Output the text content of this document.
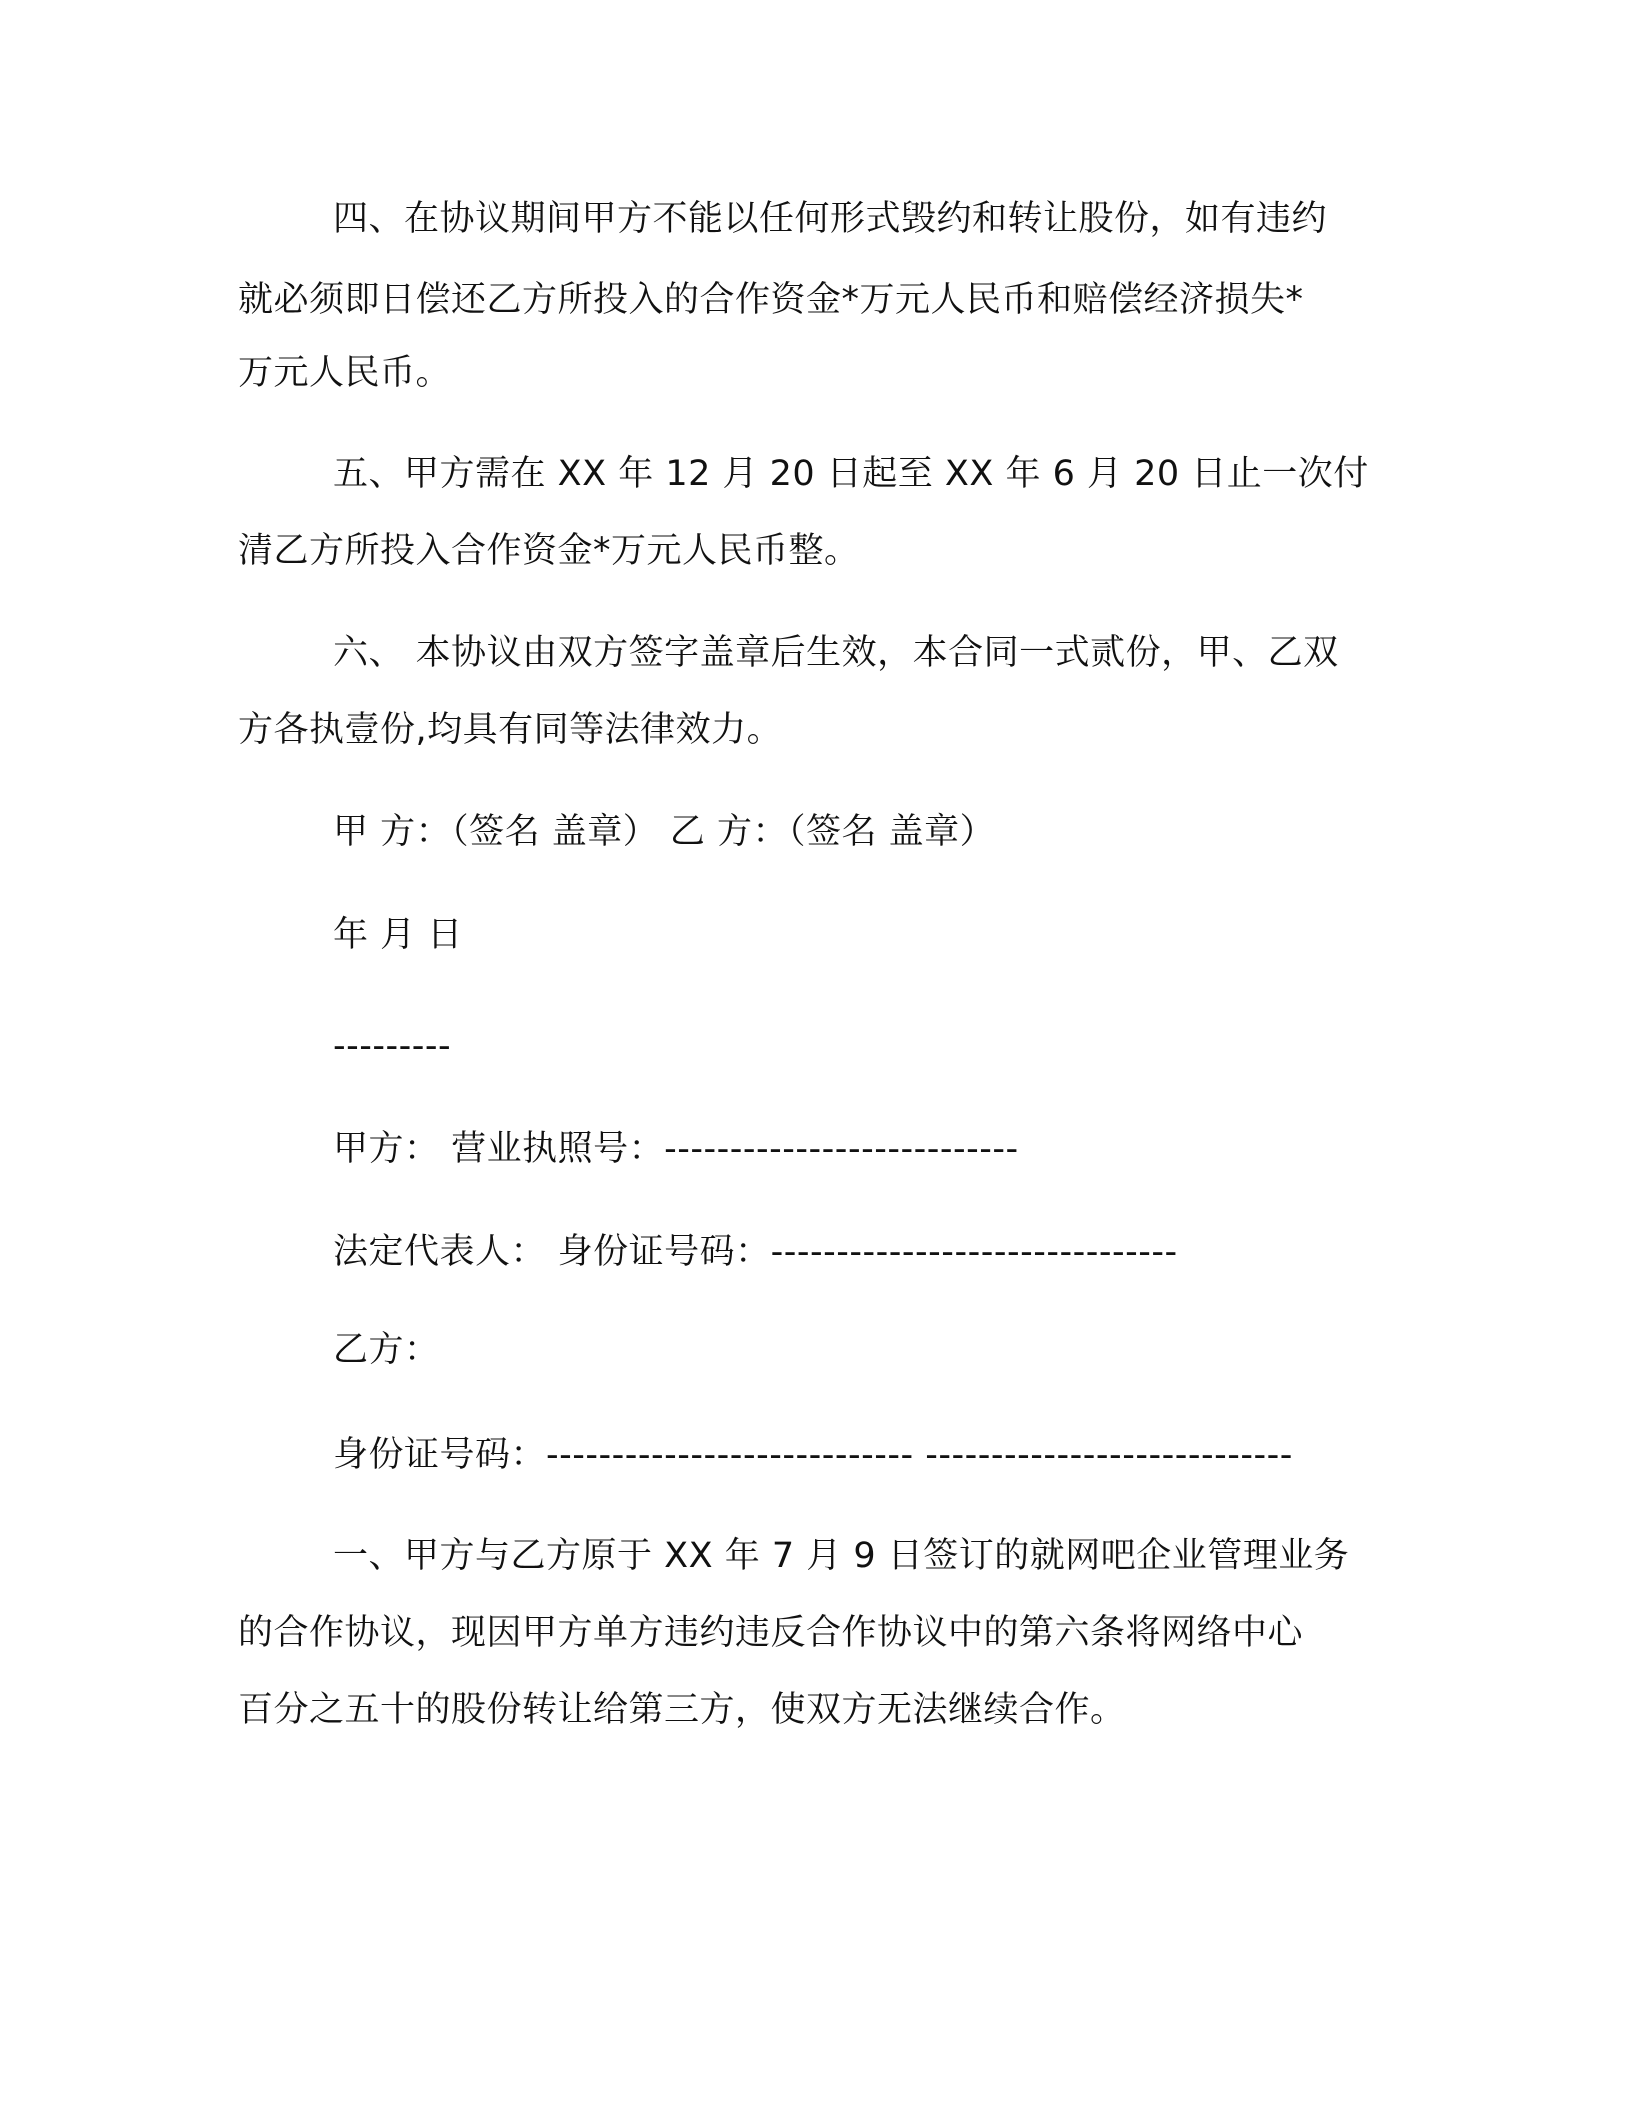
四、在协议期间甲方不能以任何形式毁约和转让股份，如有违约
就必须即日偿还乙方所投入的合作资金*万元人民币和赔偿经济损失*
万元人民币。
五、甲方需在 XX 年 12 月 20 日起至 XX 年 6 月 20 日止一次付
清乙方所投入合作资金*万元人民币整。
六、 本协议由双方签字盖章后生效，本合同一式贰份，甲、乙双
方各执壹份,均具有同等法律效力。
甲 方：（签名 盖章） 乙 方：（签名 盖章）
年 月 日
---------
甲方： 营业执照号：---------------------------
法定代表人： 身份证号码：-------------------------------
乙方：
身份证号码：---------------------------- ----------------------------
一、甲方与乙方原于 XX 年 7 月 9 日签订的就网吧企业管理业务
的合作协议，现因甲方单方违约违反合作协议中的第六条将网络中心
百分之五十的股份转让给第三方，使双方无法继续合作。
